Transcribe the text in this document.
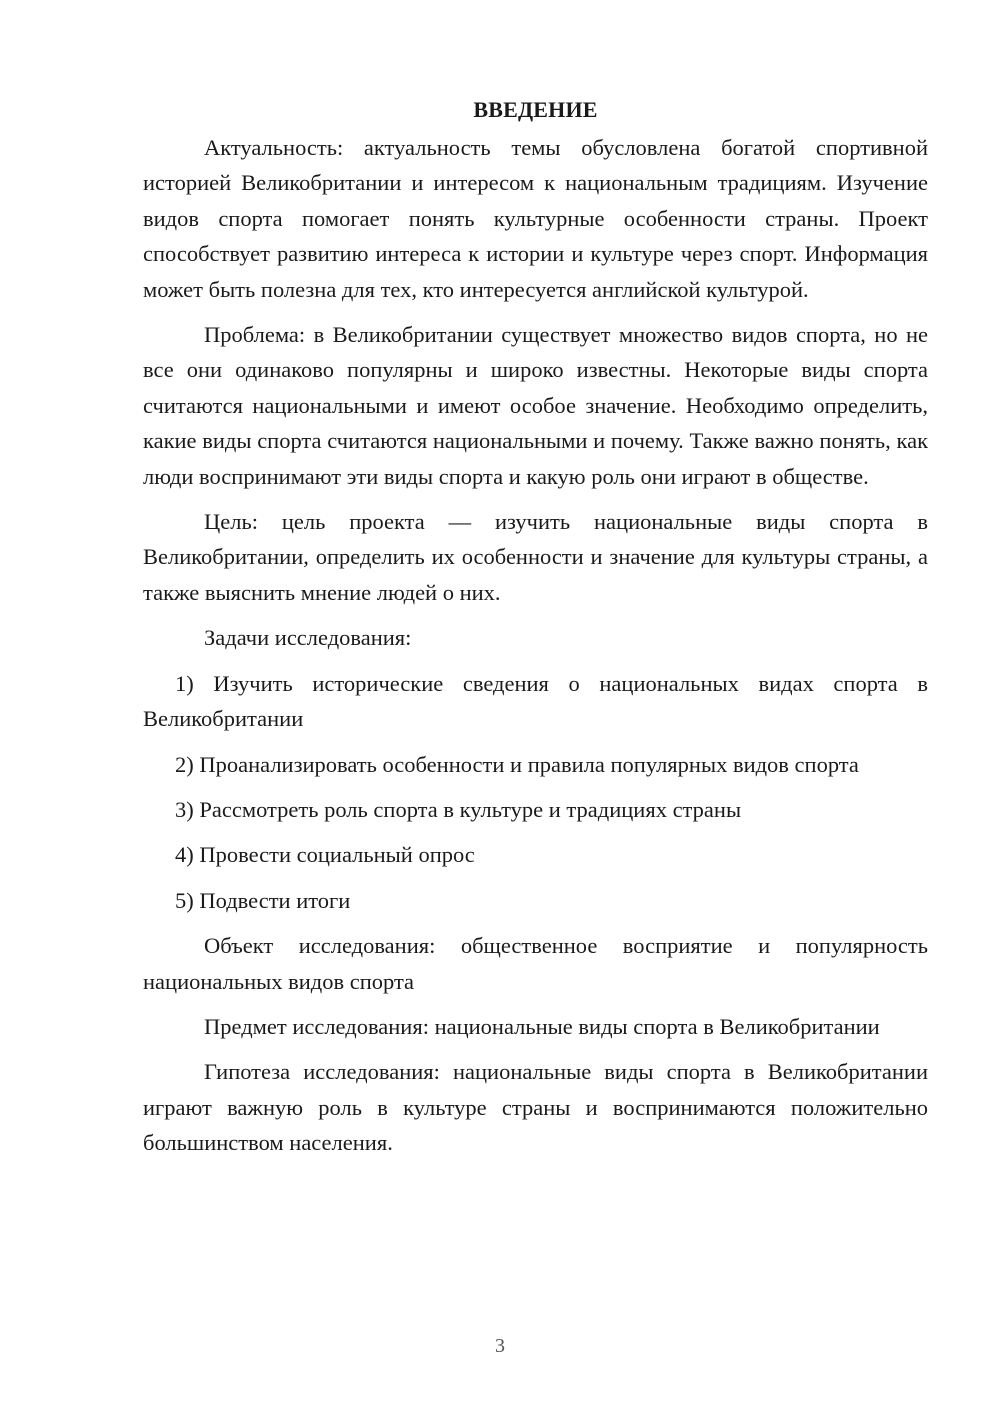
ВВЕДЕНИЕ

Актуальность: актуальность темы обусловлена богатой спортивной историей Великобритании и интересом к национальным традициям. Изучение видов спорта помогает понять культурные особенности страны. Проект способствует развитию интереса к истории и культуре через спорт. Информация может быть полезна для тех, кто интересуется английской культурой.

Проблема: в Великобритании существует множество видов спорта, но не все они одинаково популярны и широко известны. Некоторые виды спорта считаются национальными и имеют особое значение. Необходимо определить, какие виды спорта считаются национальными и почему. Также важно понять, как люди воспринимают эти виды спорта и какую роль они играют в обществе.

Цель: цель проекта — изучить национальные виды спорта в Великобритании, определить их особенности и значение для культуры страны, а также выяснить мнение людей о них.

Задачи исследования:

1) Изучить исторические сведения о национальных видах спорта в Великобритании

2) Проанализировать особенности и правила популярных видов спорта

3) Рассмотреть роль спорта в культуре и традициях страны

4) Провести социальный опрос

5) Подвести итоги

Объект исследования: общественное восприятие и популярность национальных видов спорта

Предмет исследования: национальные виды спорта в Великобритании

Гипотеза исследования: национальные виды спорта в Великобритании играют важную роль в культуре страны и воспринимаются положительно большинством населения.

3
